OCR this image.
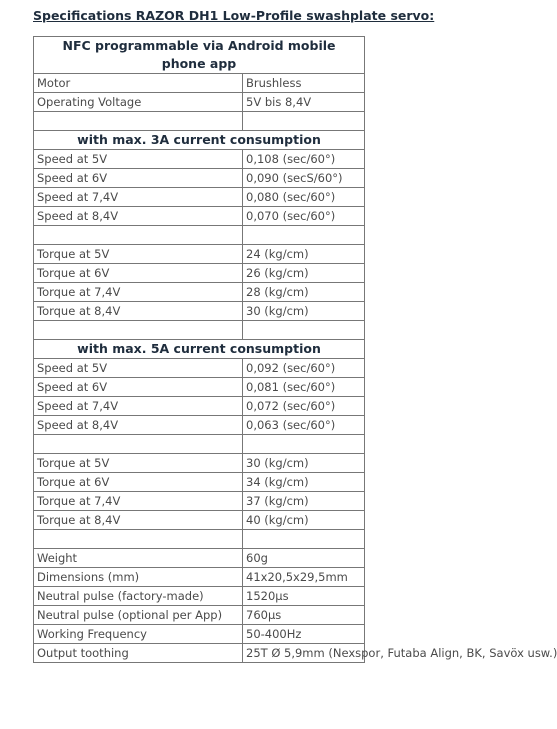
Specifications RAZOR DH1 Low-Profile swashplate servo:
NFC programmable via Android mobile phone app	
Motor	Brushless
Operating Voltage	5V bis 8,4V

with max. 3A current consumption	
Speed at 5V	0,108 (sec/60°)
Speed at 6V	0,090 (secS/60°)
Speed at 7,4V	0,080 (sec/60°)
Speed at 8,4V	0,070 (sec/60°)

Torque at 5V	24 (kg/cm)
Torque at 6V	26 (kg/cm)
Torque at 7,4V	28 (kg/cm)
Torque at 8,4V	30 (kg/cm)

with max. 5A current consumption	
Speed at 5V	0,092 (sec/60°)
Speed at 6V	0,081 (sec/60°)
Speed at 7,4V	0,072 (sec/60°)
Speed at 8,4V	0,063 (sec/60°)

Torque at 5V	30 (kg/cm)
Torque at 6V	34 (kg/cm)
Torque at 7,4V	37 (kg/cm)
Torque at 8,4V	40 (kg/cm)

Weight	60g
Dimensions (mm)	41x20,5x29,5mm
Neutral pulse (factory-made)	1520µs
Neutral pulse (optional per App)	760µs
Working Frequency	50-400Hz
Output toothing	25T Ø 5,9mm (Nexspor, Futaba Align, BK, Savöx usw.)
